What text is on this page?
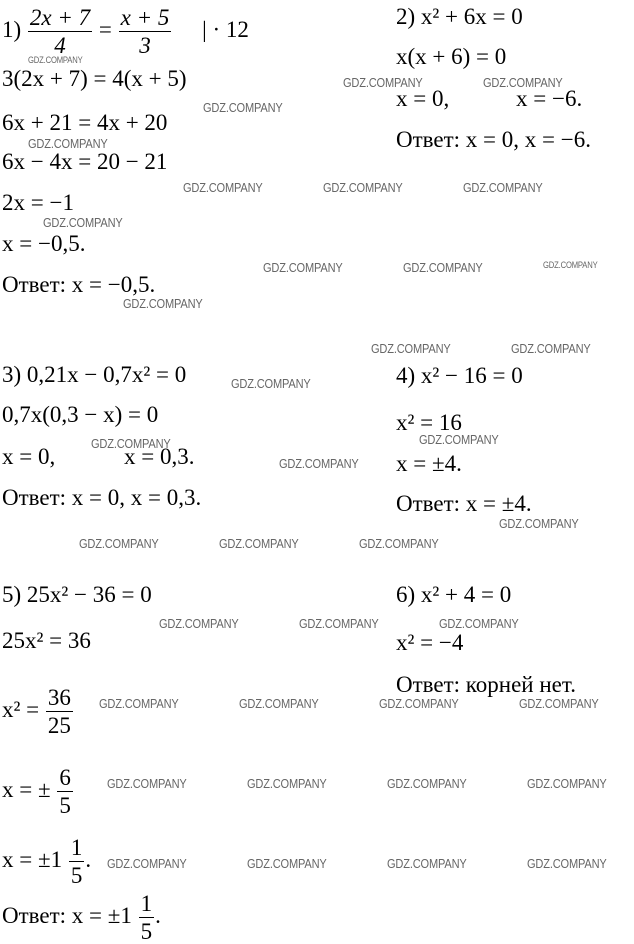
$1) \frac{2x + 7}{4} = \frac{x + 5}{3}$ | · 12
3(2x + 7) = 4(x + 5)
6x + 21 = 4x + 20
6x − 4x = 20 − 21
2x = −1
x = −0,5.
Ответ: x = −0,5.
2) x² + 6x = 0
x(x + 6) = 0
x = 0,	x = −6.
Ответ: x = 0, x = −6.
3) 0,21x − 0,7x² = 0
0,7x(0,3 − x) = 0
x = 0,	x = 0,3.
Ответ: x = 0, x = 0,3.
4) x² − 16 = 0
x² = 16
x = ±4.
Ответ: x = ±4.
5) 25x² − 36 = 0
25x² = 36
$x^2 = \frac{36}{25}$
x = ± $\frac{6}{5}$
$x = \pm 1 \frac{1}{5}$ .
Ответ: $x = \pm 1 \frac{1}{5}$ .
6) x² + 4 = 0
x² = −4
Ответ: корней нет.
GDZ.COMPANY
GDZ.COMPANY	GDZ.COMPANY
GDZ.COMPANY
GDZ.COMPANY
GDZ.COMPANY	GDZ.COMPANY	GDZ.COMPANY
GDZ.COMPANY
GDZ.COMPANY	GDZ.COMPANY	GDZ.COMPANY
GDZ.COMPANY
GDZ.COMPANY	GDZ.COMPANY
GDZ.COMPANY
GDZ.COMPANY
GDZ.COMPANY
GDZ.COMPANY
GDZ.COMPANY
GDZ.COMPANY	GDZ.COMPANY	GDZ.COMPANY
GDZ.COMPANY	GDZ.COMPANY	GDZ.COMPANY
GDZ.COMPANY	GDZ.COMPANY	GDZ.COMPANY	GDZ.COMPANY
GDZ.COMPANY	GDZ.COMPANY	GDZ.COMPANY	GDZ.COMPANY
GDZ.COMPANY	GDZ.COMPANY	GDZ.COMPANY	GDZ.COMPANY
